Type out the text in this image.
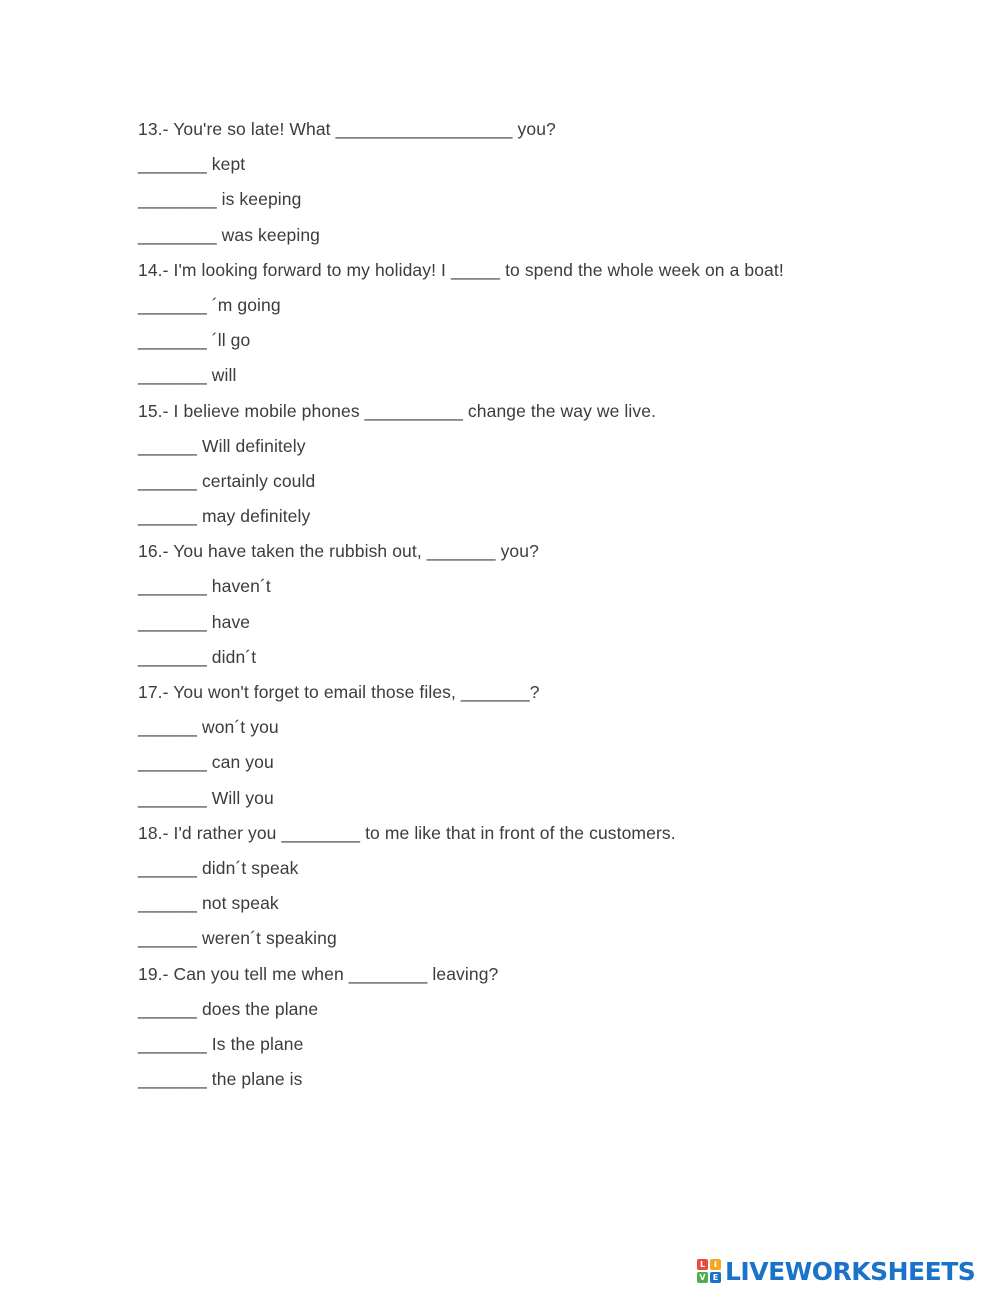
13.- You're so late! What __________________ you?
_______ kept
________ is keeping
________ was keeping
14.- I'm looking forward to my holiday! I _____ to spend the whole week on a boat!
_______ ´m going
_______ ´ll go
_______ will
15.- I believe mobile phones __________ change the way we live.
______ Will definitely
______ certainly could
______ may definitely
16.- You have taken the rubbish out, _______ you?
_______ haven´t
_______ have
_______ didn´t
17.- You won't forget to email those files, _______?
______ won´t you
_______ can you
_______ Will you
18.- I'd rather you ________ to me like that in front of the customers.
______ didn´t speak
______ not speak
______ weren´t speaking
19.- Can you tell me when ________ leaving?
______ does the plane
_______ Is the plane
_______ the plane is
L	I
V E LIVEWORKSHEETS
